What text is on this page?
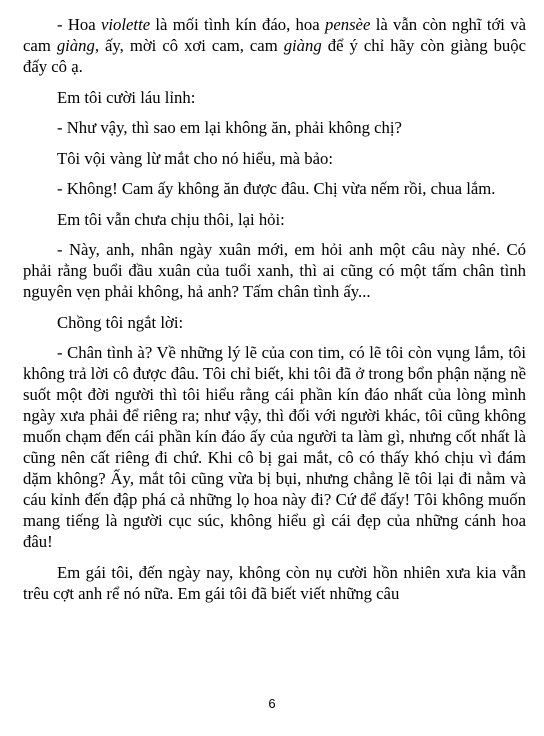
- Hoa violette là mối tình kín đáo, hoa pensèe là vẫn còn nghĩ tới và cam giàng, ấy, mời cô xơi cam, cam giàng để ý chỉ hãy còn giàng buộc đấy cô ạ.

Em tôi cười láu lỉnh:

- Như vậy, thì sao em lại không ăn, phải không chị?

Tôi vội vàng lừ mắt cho nó hiểu, mà bảo:

- Không! Cam ấy không ăn được đâu. Chị vừa nếm rồi, chua lắm.

Em tôi vẫn chưa chịu thôi, lại hỏi:

- Này, anh, nhân ngày xuân mới, em hỏi anh một câu này nhé. Có phải rằng buổi đầu xuân của tuổi xanh, thì ai cũng có một tấm chân tình nguyên vẹn phải không, hả anh? Tấm chân tình ấy...

Chồng tôi ngắt lời:

- Chân tình à? Về những lý lẽ của con tim, có lẽ tôi còn vụng lắm, tôi không trả lời cô được đâu. Tôi chỉ biết, khi tôi đã ở trong bổn phận nặng nề suốt một đời người thì tôi hiểu rằng cái phần kín đáo nhất của lòng mình ngày xưa phải để riêng ra; như vậy, thì đối với người khác, tôi cũng không muốn chạm đến cái phần kín đáo ấy của người ta làm gì, nhưng cốt nhất là cũng nên cất riêng đi chứ. Khi cô bị gai mắt, cô có thấy khó chịu vì đám dặm không? Ấy, mắt tôi cũng vừa bị bụi, nhưng chẳng lẽ tôi lại đi nằm và cáu kỉnh đến đập phá cả những lọ hoa này đi? Cứ để đấy! Tôi không muốn mang tiếng là người cục súc, không hiểu gì cái đẹp của những cánh hoa đâu!

Em gái tôi, đến ngày nay, không còn nụ cười hồn nhiên xưa kia vẫn trêu cợt anh rể nó nữa. Em gái tôi đã biết viết những câu

6
